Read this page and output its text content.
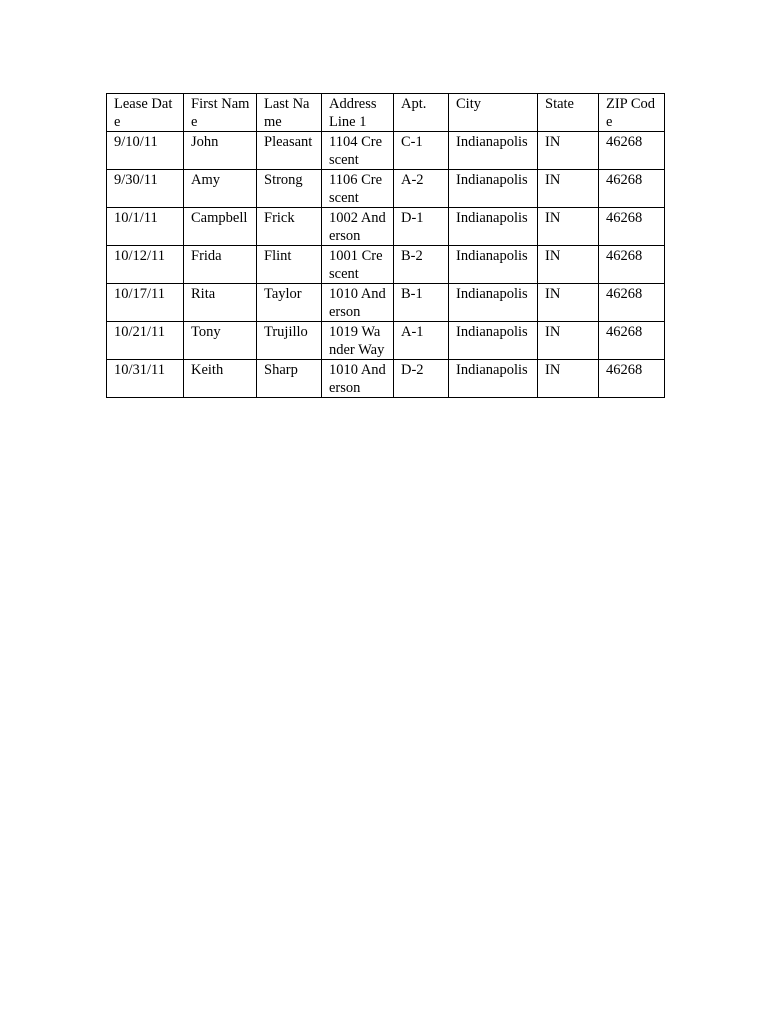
Lease Date	First Name	Last Name	Address Line 1	Apt.	City	State	ZIP Code
9/10/11	John	Pleasant	1104 Crescent	C-1	Indianapolis	IN	46268
9/30/11	Amy	Strong	1106 Crescent	A-2	Indianapolis	IN	46268
10/1/11	Campbell	Frick	1002 Anderson	D-1	Indianapolis	IN	46268
10/12/11	Frida	Flint	1001 Crescent	B-2	Indianapolis	IN	46268
10/17/11	Rita	Taylor	1010 Anderson	B-1	Indianapolis	IN	46268
10/21/11	Tony	Trujillo	1019 Wander Way	A-1	Indianapolis	IN	46268
10/31/11	Keith	Sharp	1010 Anderson	D-2	Indianapolis	IN	46268
